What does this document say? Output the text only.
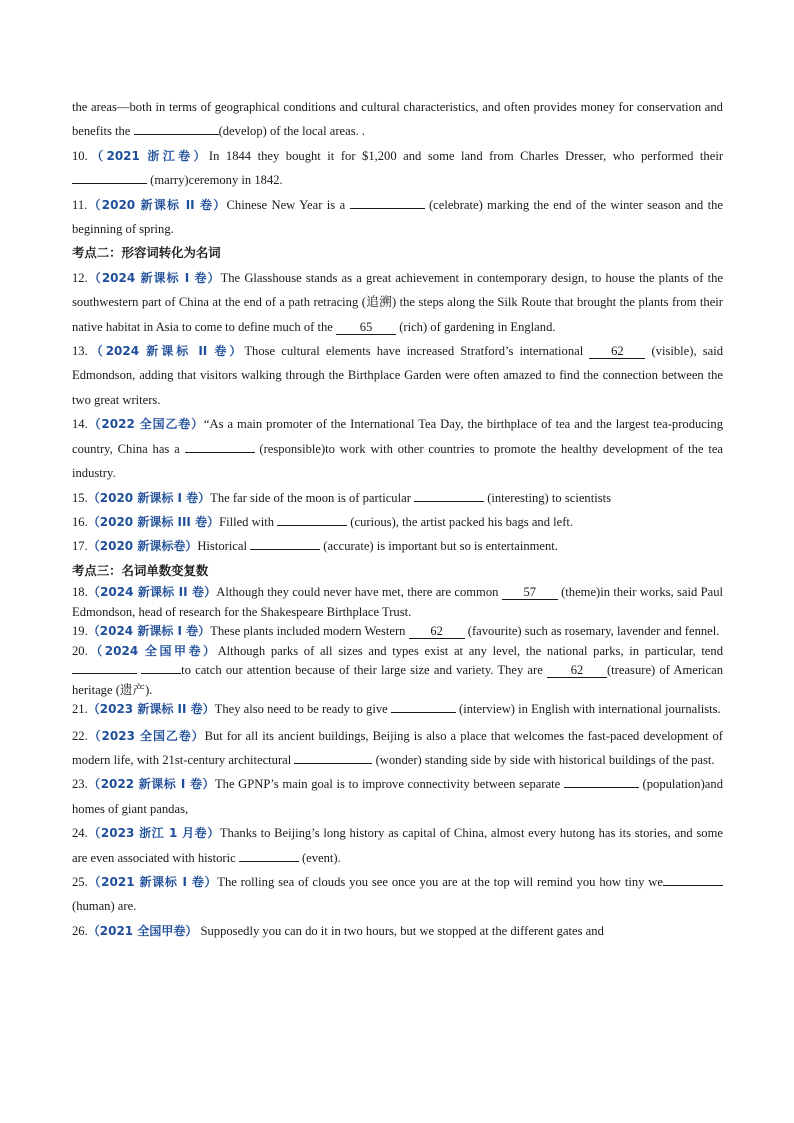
the areas—both in terms of geographical conditions and cultural characteristics, and often provides money for conservation and benefits the	(develop) of the local areas. .

10.（2021 浙江卷）In 1844 they bought it for $1,200 and some land from Charles Dresser, who performed their  (marry)ceremony in 1842.

11.（2020 新课标 II 卷）Chinese New Year is a	(celebrate) marking the end of the winter season and the beginning of spring.

考点二：形容词转化为名词

12.（2024 新课标 I 卷）The Glasshouse stands as a great achievement in contemporary design, to house the plants of the southwestern part of China at the end of a path retracing (追溯) the steps along the Silk Route that brought the plants from their native habitat in Asia to come to define much of the 65 (rich) of gardening in England.

13.（2024 新课标 II 卷）Those cultural elements have increased Stratford’s international 62 (visible), said Edmondson, adding that visitors walking through the Birthplace Garden were often amazed to find the connection between the two great writers.

14.（2022 全国乙卷）“As a main promoter of the International Tea Day, the birthplace of tea and the largest tea-producing country, China has a	(responsible)to work with other countries to promote the healthy development of the tea industry.

15.（2020 新课标 I 卷）The far side of the moon is of particular	(interesting) to scientists

16.（2020 新课标 III 卷）Filled with	(curious), the artist packed his bags and left.

17.（2020 新课标卷）Historical	(accurate) is important but so is entertainment.

考点三：名词单数变复数

18.（2024 新课标 II 卷）Although they could never have met, there are common 57 (theme)in their works, said Paul Edmondson, head of research for the Shakespeare Birthplace Trust.

19.（2024 新课标 I 卷）These plants included modern Western 62 (favourite) such as rosemary, lavender and fennel.

20.（2024 全国甲卷）Although parks of all sizes and types exist at any level, the national parks, in particular, tend  to catch our attention because of their large size and variety. They are 62 (treasure) of American heritage (遗产).

21.（2023 新课标 II 卷）They also need to be ready to give	(interview) in English with international journalists.

22.（2023 全国乙卷）But for all its ancient buildings, Beijing is also a place that welcomes the fast-paced development of modern life, with 21st-century architectural	(wonder) standing side by side with historical buildings of the past.

23.（2022 新课标 I 卷）The GPNP’s main goal is to improve connectivity between separate	(population)and homes of giant pandas,

24.（2023 浙江 1 月卷）Thanks to Beijing’s long history as capital of China, almost every hutong has its stories, and some are even associated with historic	(event).

25.（2021 新课标 I 卷）The rolling sea of clouds you see once you are at the top will remind you how tiny we(human) are.

26.（2021 全国甲卷） Supposedly you can do it in two hours, but we stopped at the different gates and
